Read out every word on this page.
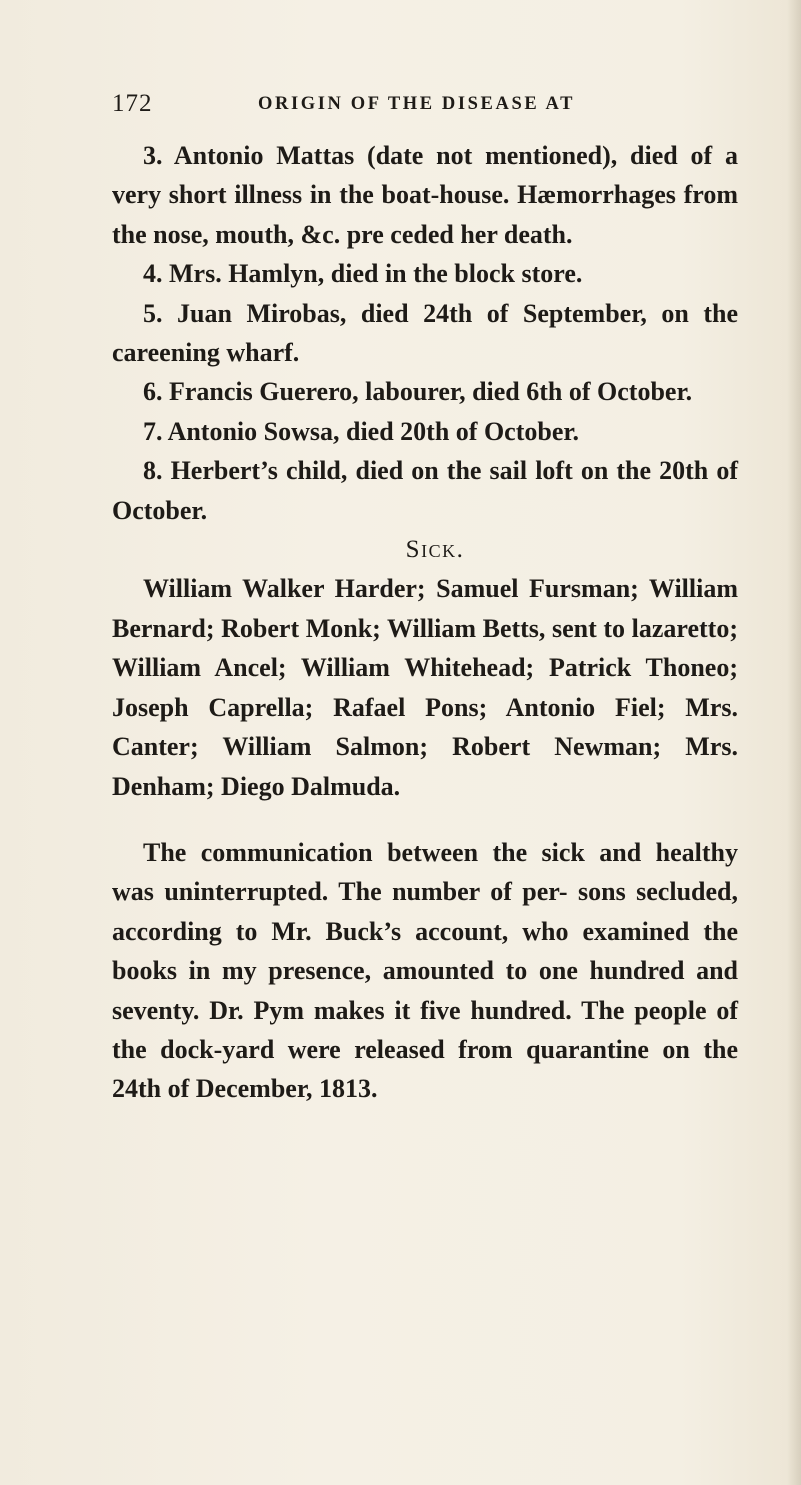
172	ORIGIN OF THE DISEASE AT

3. Antonio Mattas (date not mentioned), died of a very short illness in the boat-house. Hæmorrhages from the nose, mouth, &c. pre ceded her death.

4. Mrs. Hamlyn, died in the block store.

5. Juan Mirobas, died 24th of September, on the careening wharf.

6. Francis Guerero, labourer, died 6th of October.

7. Antonio Sowsa, died 20th of October.

8. Herbert’s child, died on the sail loft on the 20th of October.

Sick.

William Walker Harder; Samuel Fursman; William Bernard; Robert Monk; William Betts, sent to lazaretto; William Ancel; William Whitehead; Patrick Thoneo; Joseph Caprella; Rafael Pons; Antonio Fiel; Mrs. Canter; William Salmon; Robert Newman; Mrs. Denham; Diego Dalmuda.

The communication between the sick and healthy was uninterrupted. The number of per- sons secluded, according to Mr. Buck’s account, who examined the books in my presence, amounted to one hundred and seventy. Dr. Pym makes it five hundred. The people of the dock-yard were released from quarantine on the 24th of December, 1813.
